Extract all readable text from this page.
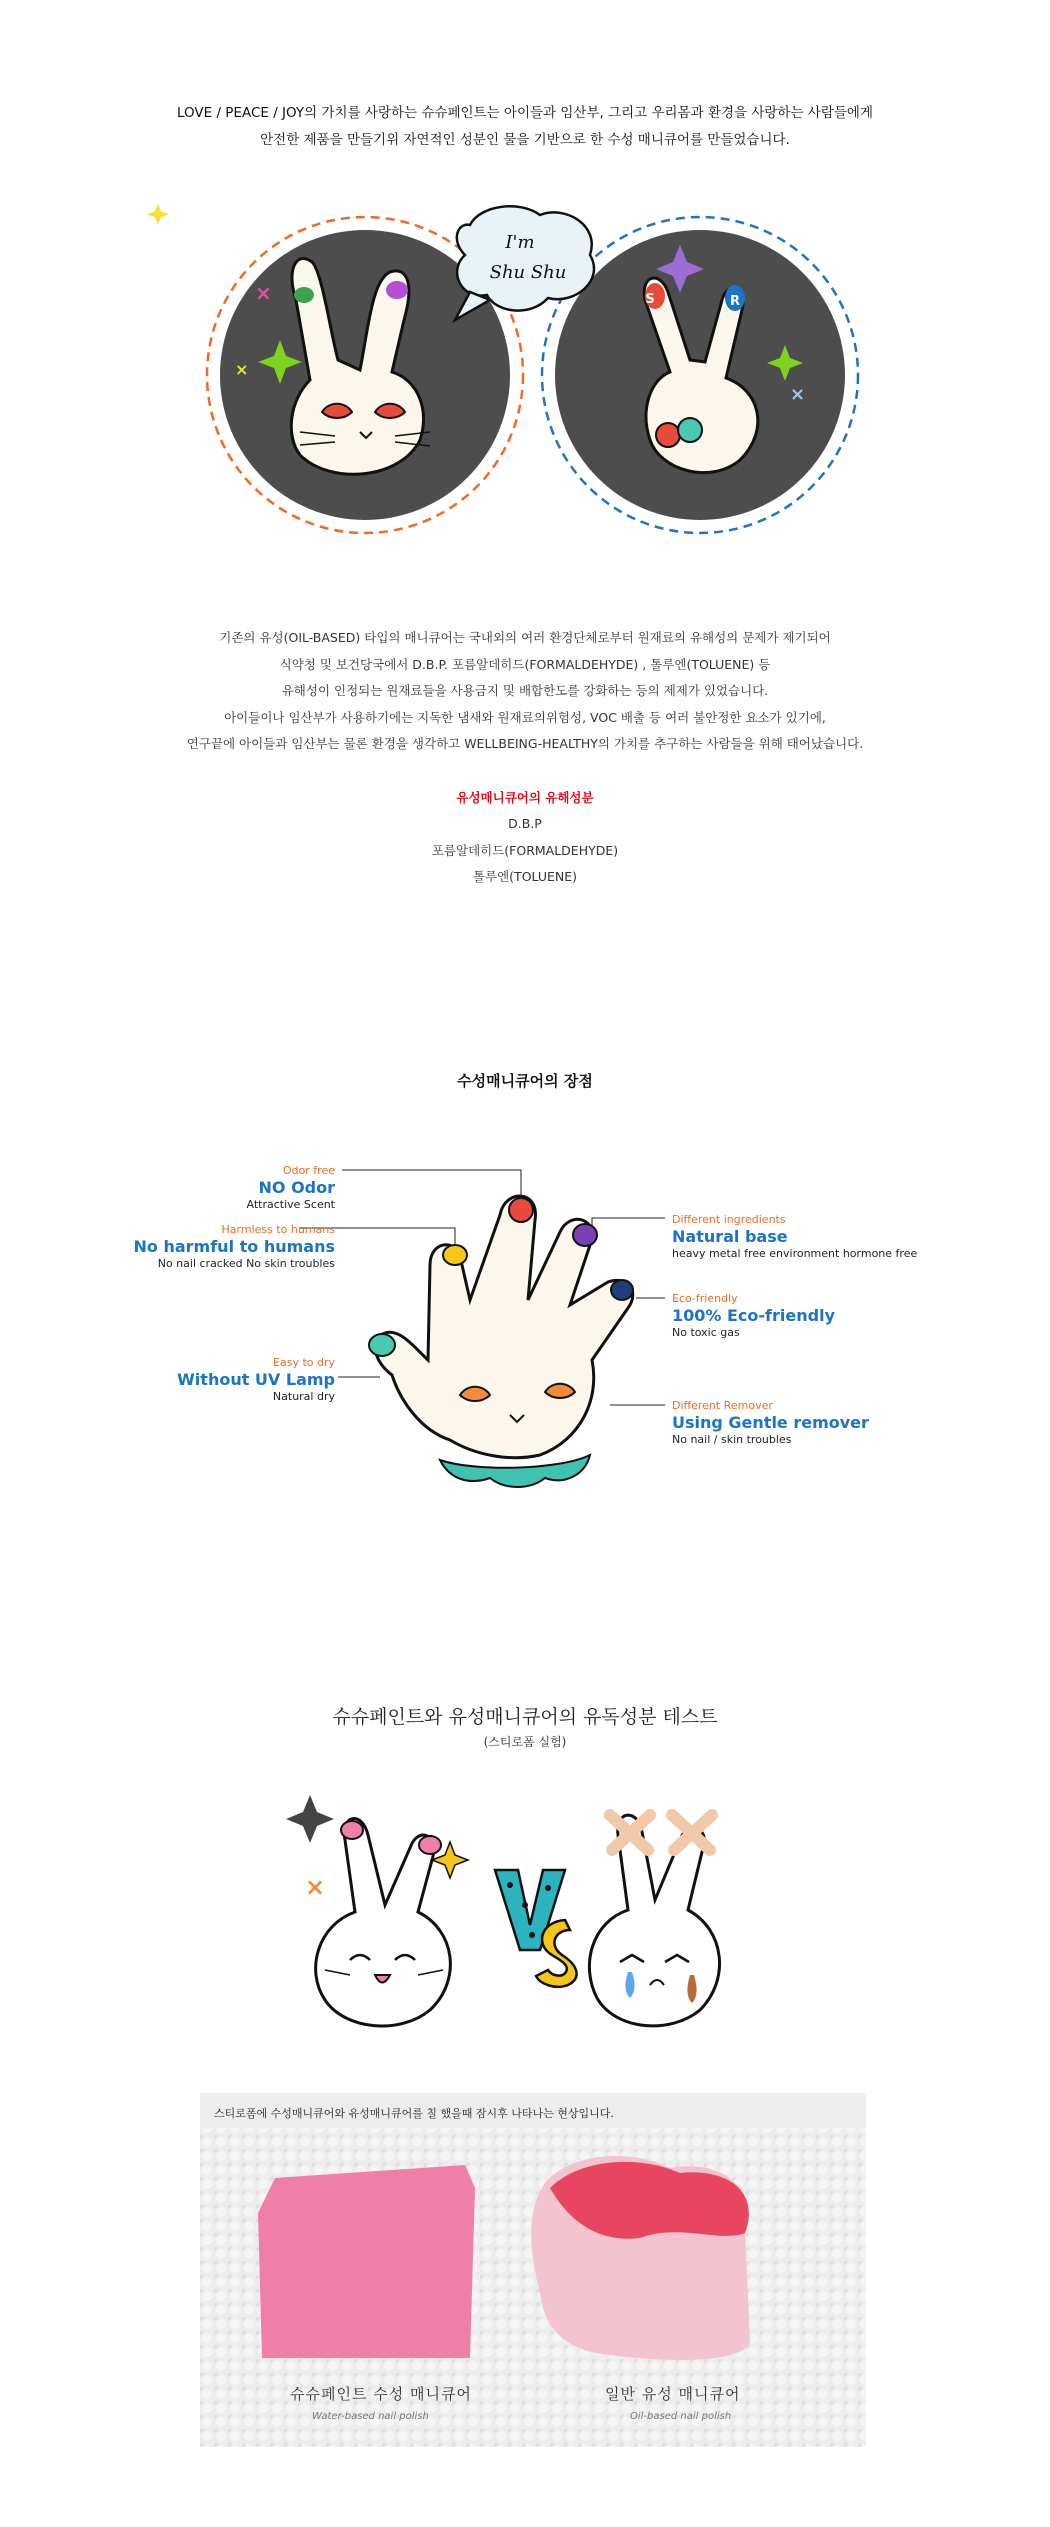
LOVE / PEACE / JOY의 가치를 사랑하는 슈슈페인트는 아이들과 임산부, 그리고 우리몸과 환경을 사랑하는 사람들에게
안전한 제품을 만들기위 자연적인 성분인 물을 기반으로 한 수성 매니큐어를 만들었습니다.
×
×
S	R
×
I'm
Shu Shu
기존의 유성(OIL-BASED) 타입의 매니큐어는 국내외의 여러 환경단체로부터 원재료의 유해성의 문제가 제기되어
식약청 및 보건당국에서 D.B.P. 포름알데히드(FORMALDEHYDE) , 톨루엔(TOLUENE) 등
유해성이 인정되는 원재료들을 사용금지 및 배합한도를 강화하는 등의 제제가 있었습니다.
아이들이나 임산부가 사용하기에는 지독한 냄새와 원재료의위험성, VOC 배출 등 여러 불안정한 요소가 있기에,
연구끝에 아이들과 임산부는 물론 환경을 생각하고 WELLBEING-HEALTHY의 가치를 추구하는 사람들을 위해 태어났습니다.
유성매니큐어의 유해성분
D.B.P
포름알데히드(FORMALDEHYDE)
톨루엔(TOLUENE)
수성매니큐어의 장점
Odor free
NO Odor
Attractive Scent
Harmless to humans
No harmful to humans
No nail cracked No skin troubles
Easy to dry
Without UV Lamp
Natural dry
Different ingredients
Natural base
heavy metal free environment hormone free
Eco-friendly
100% Eco-friendly
No toxic gas
Different Remover
Using Gentle remover
No nail / skin troubles
슈슈페인트와 유성매니큐어의 유독성분 테스트
(스티로폼 실험)
×
스티로폼에 수성매니큐어와 유성매니큐어를 칠 했을때 잠시후 나타나는 현상입니다.
슈슈페인트 수성 매니큐어
Water-based nail polish
일반 유성 매니큐어
Oil-based nail polish
